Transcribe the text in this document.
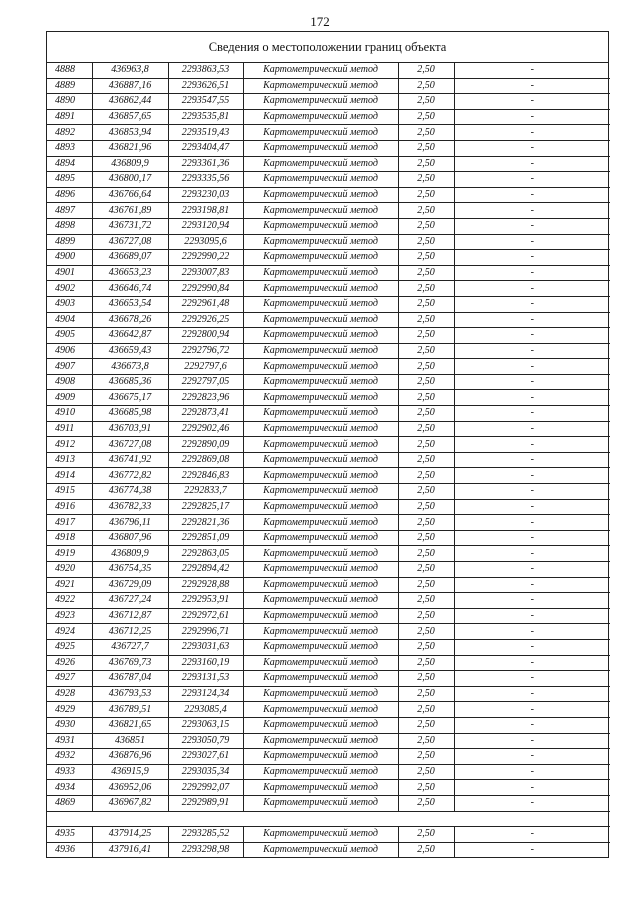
172
Сведения о местоположении границ объекта
4888	436963,8	2293863,53	Картометрический метод	2,50	-
4889	436887,16	2293626,51	Картометрический метод	2,50	-
4890	436862,44	2293547,55	Картометрический метод	2,50	-
4891	436857,65	2293535,81	Картометрический метод	2,50	-
4892	436853,94	2293519,43	Картометрический метод	2,50	-
4893	436821,96	2293404,47	Картометрический метод	2,50	-
4894	436809,9	2293361,36	Картометрический метод	2,50	-
4895	436800,17	2293335,56	Картометрический метод	2,50	-
4896	436766,64	2293230,03	Картометрический метод	2,50	-
4897	436761,89	2293198,81	Картометрический метод	2,50	-
4898	436731,72	2293120,94	Картометрический метод	2,50	-
4899	436727,08	2293095,6	Картометрический метод	2,50	-
4900	436689,07	2292990,22	Картометрический метод	2,50	-
4901	436653,23	2293007,83	Картометрический метод	2,50	-
4902	436646,74	2292990,84	Картометрический метод	2,50	-
4903	436653,54	2292961,48	Картометрический метод	2,50	-
4904	436678,26	2292926,25	Картометрический метод	2,50	-
4905	436642,87	2292800,94	Картометрический метод	2,50	-
4906	436659,43	2292796,72	Картометрический метод	2,50	-
4907	436673,8	2292797,6	Картометрический метод	2,50	-
4908	436685,36	2292797,05	Картометрический метод	2,50	-
4909	436675,17	2292823,96	Картометрический метод	2,50	-
4910	436685,98	2292873,41	Картометрический метод	2,50	-
4911	436703,91	2292902,46	Картометрический метод	2,50	-
4912	436727,08	2292890,09	Картометрический метод	2,50	-
4913	436741,92	2292869,08	Картометрический метод	2,50	-
4914	436772,82	2292846,83	Картометрический метод	2,50	-
4915	436774,38	2292833,7	Картометрический метод	2,50	-
4916	436782,33	2292825,17	Картометрический метод	2,50	-
4917	436796,11	2292821,36	Картометрический метод	2,50	-
4918	436807,96	2292851,09	Картометрический метод	2,50	-
4919	436809,9	2292863,05	Картометрический метод	2,50	-
4920	436754,35	2292894,42	Картометрический метод	2,50	-
4921	436729,09	2292928,88	Картометрический метод	2,50	-
4922	436727,24	2292953,91	Картометрический метод	2,50	-
4923	436712,87	2292972,61	Картометрический метод	2,50	-
4924	436712,25	2292996,71	Картометрический метод	2,50	-
4925	436727,7	2293031,63	Картометрический метод	2,50	-
4926	436769,73	2293160,19	Картометрический метод	2,50	-
4927	436787,04	2293131,53	Картометрический метод	2,50	-
4928	436793,53	2293124,34	Картометрический метод	2,50	-
4929	436789,51	2293085,4	Картометрический метод	2,50	-
4930	436821,65	2293063,15	Картометрический метод	2,50	-
4931	436851	2293050,79	Картометрический метод	2,50	-
4932	436876,96	2293027,61	Картометрический метод	2,50	-
4933	436915,9	2293035,34	Картометрический метод	2,50	-
4934	436952,06	2292992,07	Картометрический метод	2,50	-
4869	436967,82	2292989,91	Картометрический метод	2,50	-

4935	437914,25	2293285,52	Картометрический метод	2,50	-
4936	437916,41	2293298,98	Картометрический метод	2,50	-
